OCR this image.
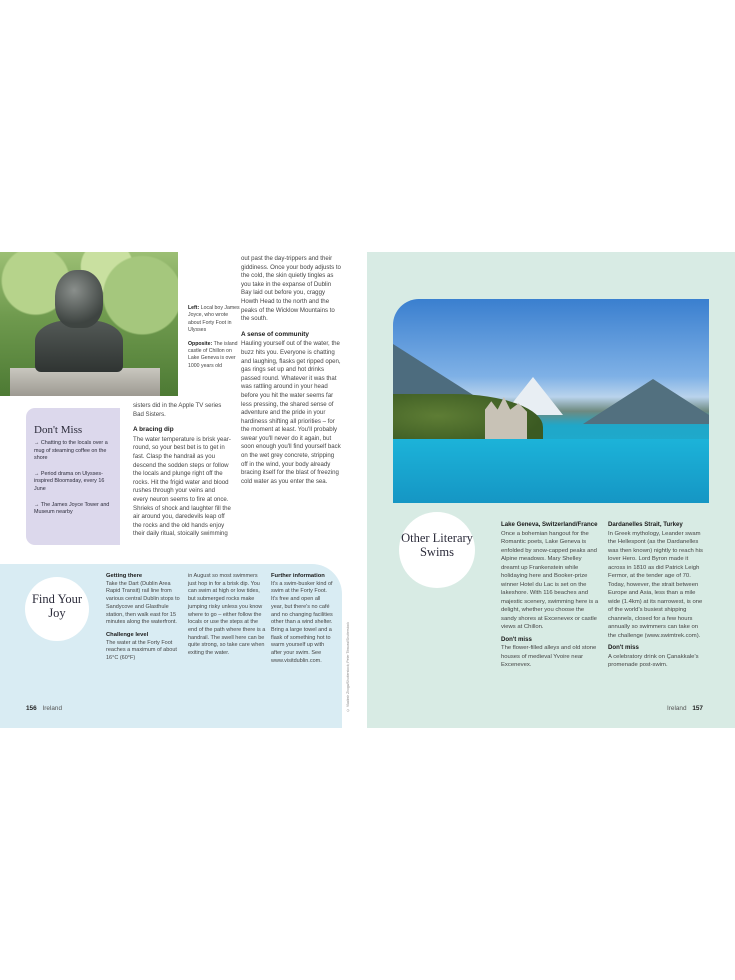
Left: Local boy James Joyce, who wrote about Forty Foot in Ulysses
Opposite: The island castle of Chillon on Lake Geneva is over 1000 years old

sisters did in the Apple TV series Bad Sisters.

A bracing dip

The water temperature is brisk year-round, so your best bet is to get in fast. Clasp the handrail as you descend the sodden steps or follow the locals and plunge right off the rocks. Hit the frigid water and blood rushes through your veins and every neuron seems to fire at once. Shrieks of shock and laughter fill the air around you, daredevils leap off the rocks and the old hands enjoy their daily ritual, stoically swimming

out past the day-trippers and their giddiness. Once your body adjusts to the cold, the skin quietly tingles as you take in the expanse of Dublin Bay laid out before you, craggy Howth Head to the north and the peaks of the Wicklow Mountains to the south.

A sense of community

Hauling yourself out of the water, the buzz hits you. Everyone is chatting and laughing, flasks get ripped open, gas rings set up and hot drinks passed round. Whatever it was that was rattling around in your head before you hit the water seems far less pressing, the shared sense of adventure and the pride in your hardiness shifting all priorities – for the moment at least. You'll probably swear you'll never do it again, but soon enough you'll find yourself back on the wet grey concrete, stripping off in the wind, your body already bracing itself for the blast of freezing cold water as you enter the sea.

Don't Miss
→ Chatting to the locals over a mug of steaming coffee on the shore
→ Period drama on Ulysses-inspired Bloomsday, every 16 June
→ The James Joyce Tower and Museum nearby
Find Your Joy
Getting there

Take the Dart (Dublin Area Rapid Transit) rail line from various central Dublin stops to Sandycove and Glasthule station, then walk east for 15 minutes along the waterfront.

Challenge level

The water at the Forty Foot reaches a maximum of about 16°C (60°F)

in August so most swimmers just hop in for a brisk dip. You can swim at high or low tides, but submerged rocks make jumping risky unless you know where to go – either follow the locals or use the steps at the end of the path where there is a handrail. The swell here can be quite strong, so take care when exiting the water.

Further information

It's a swim-busker kind of swim at the Forty Foot. It's free and open all year, but there's no café and no changing facilities other than a wind shelter. Bring a large towel and a flask of something hot to warm yourself up with after your swim. See www.visitdublin.com.	© Vladimir Zhoga/Shutterstock; Peter Titmuss/Shutterstock
156 Ireland	Ireland 157
Other Literary Swims
Lake Geneva, Switzerland/France

Once a bohemian hangout for the Romantic poets, Lake Geneva is enfolded by snow-capped peaks and Alpine meadows. Mary Shelley dreamt up Frankenstein while holidaying here and Booker-prize winner Hotel du Lac is set on the lakeshore. With 116 beaches and majestic scenery, swimming here is a delight, whether you choose the sandy shores at Excenevex or castle views at Chillon.

Don't miss

The flower-filled alleys and old stone houses of medieval Yvoire near Excenevex.

Dardanelles Strait, Turkey

In Greek mythology, Leander swam the Hellespont (as the Dardanelles was then known) nightly to reach his lover Hero. Lord Byron made it across in 1810 as did Patrick Leigh Fermor, at the tender age of 70. Today, however, the strait between Europe and Asia, less than a mile wide (1.4km) at its narrowest, is one of the world's busiest shipping channels, closed for a few hours annually so swimmers can take on the challenge (www.swimtrek.com).

Don't miss

A celebratory drink on Çanakkale's promenade post-swim.
